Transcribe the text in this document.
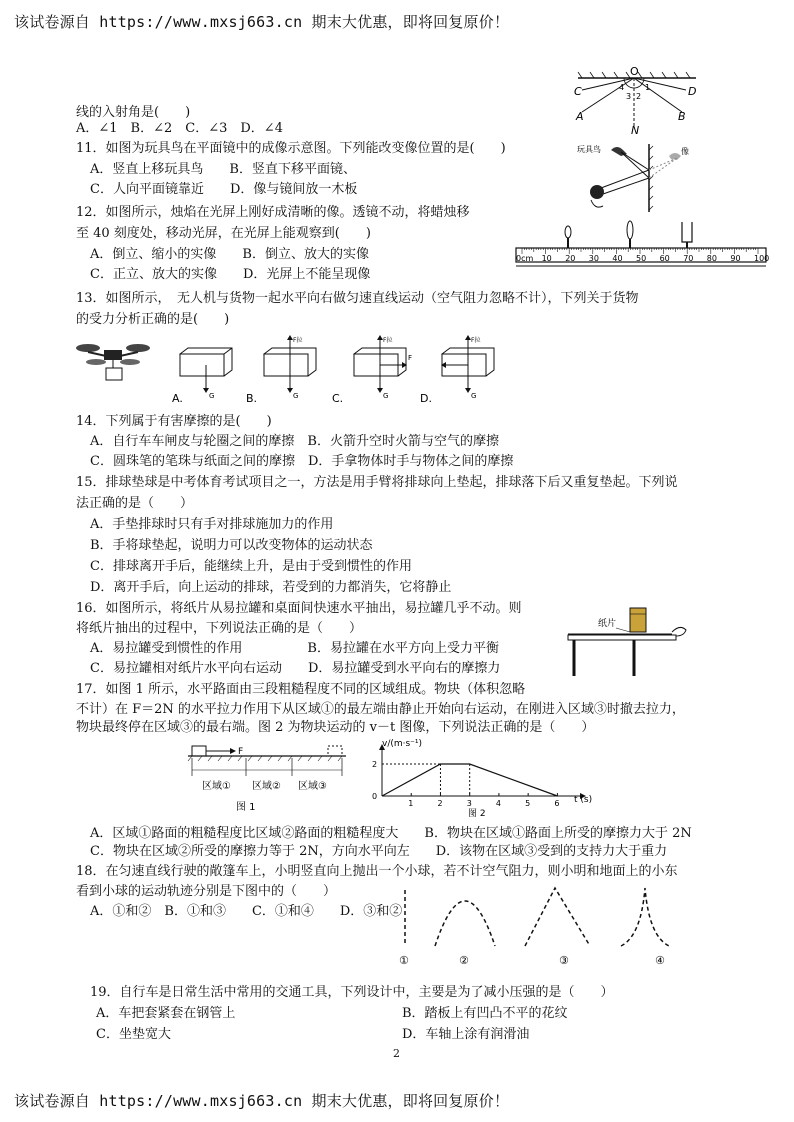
该试卷源自 https://www.mxsj663.cn 期末大优惠，即将回复原价！
该试卷源自 https://www.mxsj663.cn 期末大优惠，即将回复原价！
2
线的入射角是(　　)
A．∠1　B．∠2　C．∠3　D．∠4
O
C	D
A	B
N
4
3 2
1
11．如图为玩具鸟在平面镜中的成像示意图。下列能改变像位置的是(　　)
A．竖直上移玩具鸟　　B．竖直下移平面镜、
C．人向平面镜靠近　　D．像与镜间放一木板
玩具鸟	像
12．如图所示，烛焰在光屏上刚好成清晰的像。透镜不动，将蜡烛移
至 40 刻度处，移动光屏，在光屏上能观察到(　　)
A．倒立、缩小的实像　　B．倒立、放大的实像
C．正立、放大的实像　　D．光屏上不能呈现像
0cm 10 20 30 40 50 60 70 80 90 100
13．如图所示，　无人机与货物一起水平向右做匀速直线运动（空气阻力忽略不计），下列关于货物
的受力分析正确的是(　　)
G
A.
F拉
G
B.
F拉
F
G
C.
F拉
G
D.
14．下列属于有害摩擦的是(　　)
A．自行车车闸皮与轮圈之间的摩擦　B．火箭升空时火箭与空气的摩擦
C．圆珠笔的笔珠与纸面之间的摩擦　D．手拿物体时手与物体之间的摩擦
15．排球垫球是中考体育考试项目之一，方法是用手臂将排球向上垫起，排球落下后又重复垫起。下列说
法正确的是（　　）
A．手垫排球时只有手对排球施加力的作用
B．手将球垫起，说明力可以改变物体的运动状态
C．排球离开手后，能继续上升，是由于受到惯性的作用
D．离开手后，向上运动的排球，若受到的力都消失，它将静止
16．如图所示，将纸片从易拉罐和桌面间快速水平抽出，易拉罐几乎不动。则
将纸片抽出的过程中，下列说法正确的是（　　）
A．易拉罐受到惯性的作用　　　　　B．易拉罐在水平方向上受力平衡
C．易拉罐相对纸片水平向右运动　　D．易拉罐受到水平向右的摩擦力
纸片
17．如图 1 所示，水平路面由三段粗糙程度不同的区域组成。物块（体积忽略
不计）在 F＝2N 的水平拉力作用下从区域①的最左端由静止开始向右运动，在刚进入区域③时撤去拉力，
物块最终停在区域③的最右端。图 2 为物块运动的 v－t 图像，下列说法正确的是（　　）
F
区域① 区域② 区域③
图 1	1	2	3	4	5	6
0
2
v/(m·s⁻¹)
t (s)
图 2
A．区域①路面的粗糙程度比区域②路面的粗糙程度大　　B．物块在区域①路面上所受的摩擦力大于 2N
C．物块在区域②所受的摩擦力等于 2N，方向水平向左　　D．该物在区域③受到的支持力大于重力
18．在匀速直线行驶的敞篷车上，小明竖直向上抛出一个小球，若不计空气阻力，则小明和地面上的小东
看到小球的运动轨迹分别是下图中的（　　）
A．①和②　B．①和③　　C．①和④　　D．③和②
①	②	③	④
19．自行车是日常生活中常用的交通工具，下列设计中，主要是为了减小压强的是（　　）
A．车把套紧套在钢管上	B．踏板上有凹凸不平的花纹
C．坐垫宽大	D．车轴上涂有润滑油
